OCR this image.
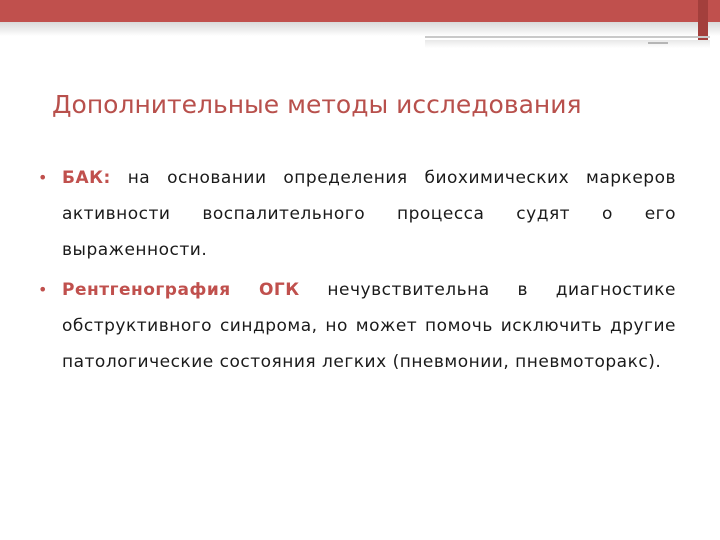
Дополнительные методы исследования
• БАК: на основании определения биохимических маркеров активности воспалительного процесса судят о его выраженности.

• Рентгенография ОГК нечувствительна в диагностике обструктивного синдрома, но может помочь исключить другие патологические состояния легких (пневмонии, пневмоторакс).
